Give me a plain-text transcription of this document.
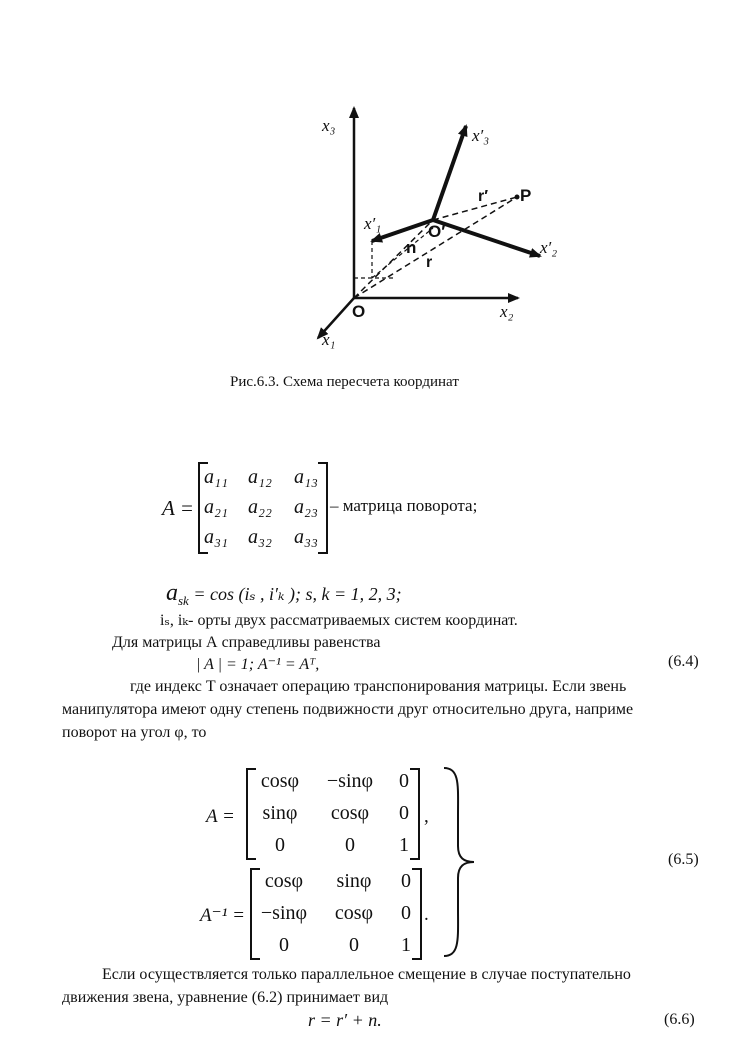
x₃
x′₃
x′₁
x′₂
x₁
x₂
O
O′
P
n
r
r′
Рис.6.3. Схема пересчета координат
A =
a₁₁	a₁₂	a₁₃
a₂₁	a₂₂	a₂₃
a₃₁	a₃₂	a₃₃
– матрица поворота;
$a_{sk} = \cos (i_s$ , i′ₖ ); s, k = 1, 2, 3;
iₛ, iₖ- орты двух рассматриваемых систем координат.
Для матрицы А справедливы равенства
| A | = 1; A⁻¹ = Aᵀ,	(6.4)
где индекс T означает операцию транспонирования матрицы. Если звень
манипулятора имеют одну степень подвижности друг относительно друга, наприме
поворот на угол φ, то
A =
cosφ	−sinφ	0
sinφ	cosφ	0
0	0	1
,
A⁻¹ =
cosφ	sinφ	0
−sinφ	cosφ	0
0	0	1
.
(6.5)
Если осуществляется только параллельное смещение в случае поступательно
движения звена, уравнение (6.2) принимает вид
r = r′ + n.	(6.6)
